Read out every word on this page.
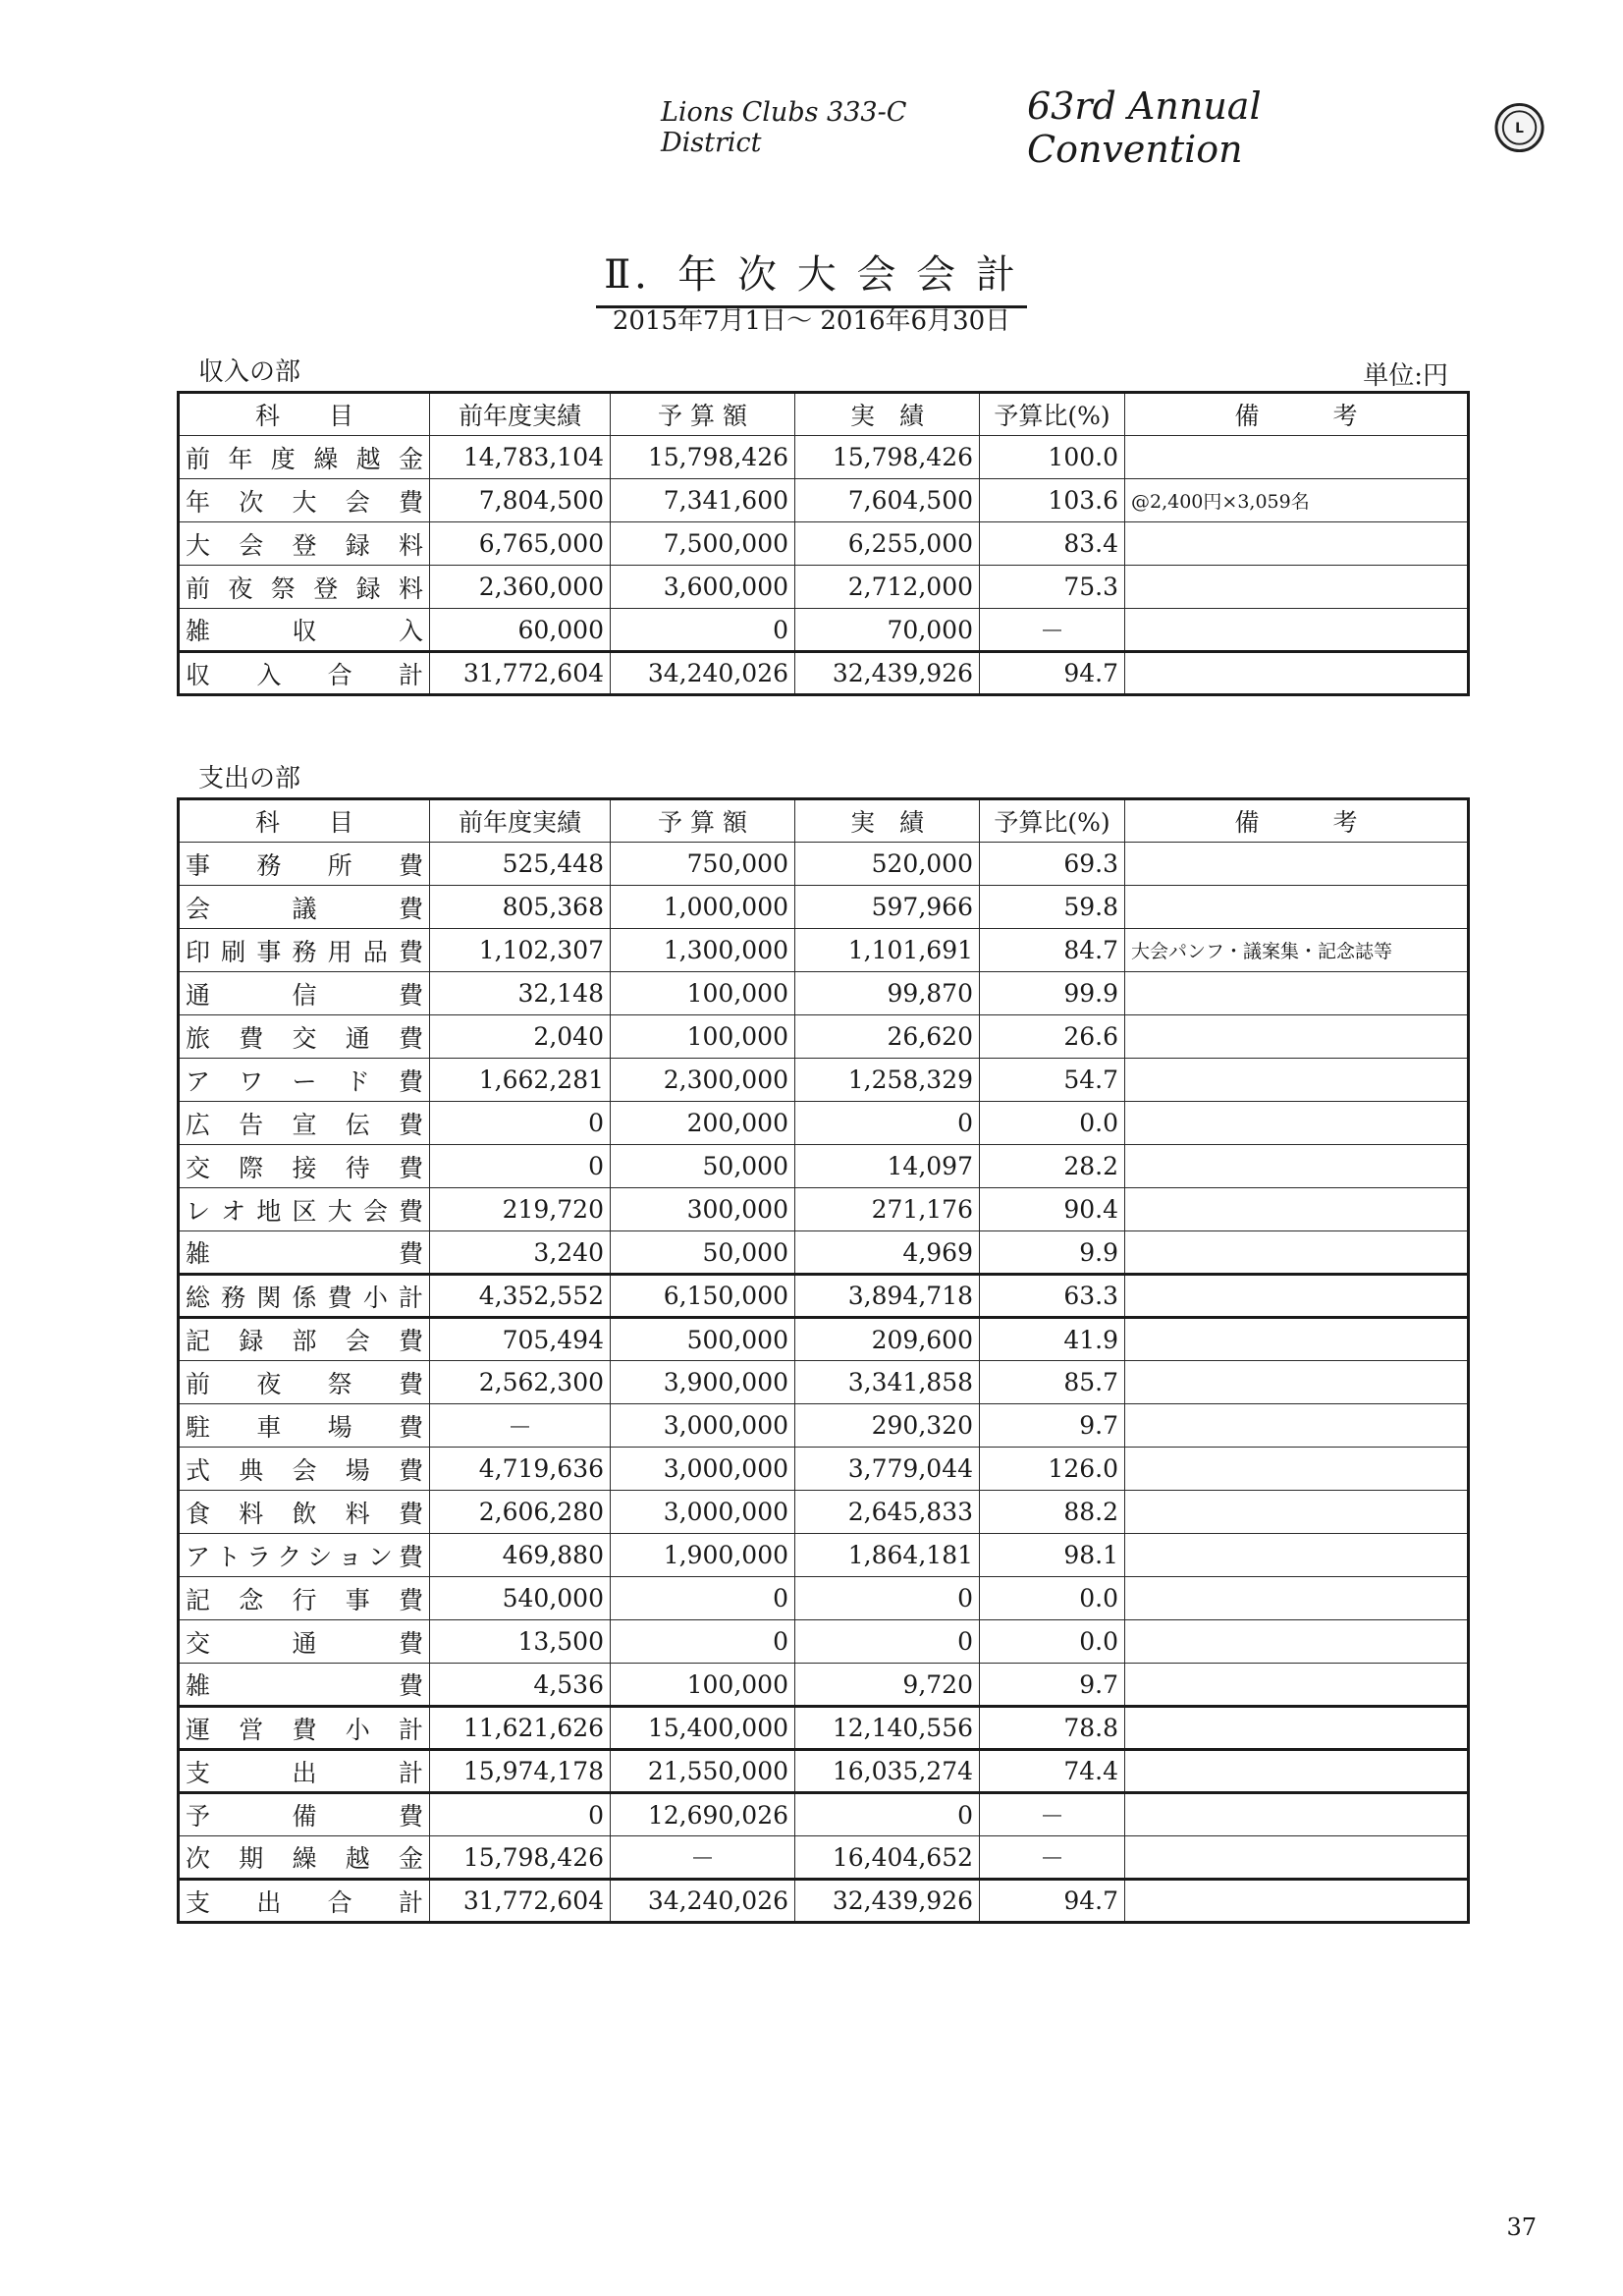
Lions Clubs 333-C District
63rd Annual Convention	L
Ⅱ．年 次 大 会 会 計
2015年7月1日～ 2016年6月30日
収入の部	単位:円
科　　目	前年度実績	予 算 額	実　績	予算比(%)	備　　　考
前年度繰越金	14,783,104	15,798,426	15,798,426	100.0	
年次大会費	7,804,500	7,341,600	7,604,500	103.6	@2,400円×3,059名
大会登録料	6,765,000	7,500,000	6,255,000	83.4	
前夜祭登録料	2,360,000	3,600,000	2,712,000	75.3	
雑収入	60,000	0	70,000	－	
収入合計	31,772,604	34,240,026	32,439,926	94.7	
支出の部
科　　目	前年度実績	予 算 額	実　績	予算比(%)	備　　　考
事務所費	525,448	750,000	520,000	69.3	
会議費	805,368	1,000,000	597,966	59.8	
印刷事務用品費	1,102,307	1,300,000	1,101,691	84.7	大会パンフ・議案集・記念誌等
通信費	32,148	100,000	99,870	99.9	
旅費交通費	2,040	100,000	26,620	26.6	
アワード費	1,662,281	2,300,000	1,258,329	54.7	
広告宣伝費	0	200,000	0	0.0	
交際接待費	0	50,000	14,097	28.2	
レオ地区大会費	219,720	300,000	271,176	90.4	
雑費	3,240	50,000	4,969	9.9	
総務関係費小計	4,352,552	6,150,000	3,894,718	63.3	
記録部会費	705,494	500,000	209,600	41.9	
前夜祭費	2,562,300	3,900,000	3,341,858	85.7	
駐車場費	－	3,000,000	290,320	9.7	
式典会場費	4,719,636	3,000,000	3,779,044	126.0	
食料飲料費	2,606,280	3,000,000	2,645,833	88.2	
アトラクション費	469,880	1,900,000	1,864,181	98.1	
記念行事費	540,000	0	0	0.0	
交通費	13,500	0	0	0.0	
雑費	4,536	100,000	9,720	9.7	
運営費小計	11,621,626	15,400,000	12,140,556	78.8	
支出計	15,974,178	21,550,000	16,035,274	74.4	
予備費	0	12,690,026	0	－	
次期繰越金	15,798,426	－	16,404,652	－	
支出合計	31,772,604	34,240,026	32,439,926	94.7	
37
